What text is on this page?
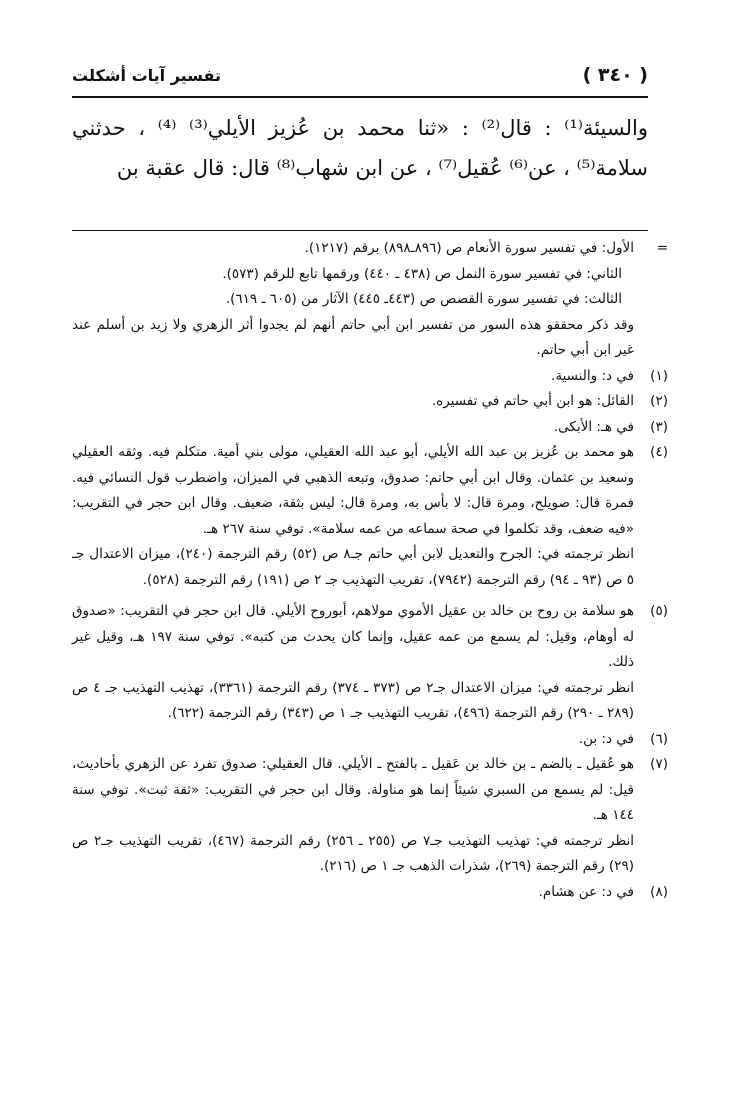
( ٣٤٠ )
تفسير آيات أشكلت

والسيئة⁽¹⁾ : قال⁽²⁾ : «ثنا محمد بن عُزيز الأيلي⁽³⁾ ⁽⁴⁾ ، حدثني سلامة⁽⁵⁾ ، عن⁽⁶⁾ عُقيل⁽⁷⁾ ، عن ابن شهاب⁽⁸⁾ قال: قال عقبة بن

=

الأول: في تفسير سورة الأنعام ص (٨٩٦ـ٨٩٨) برقم (١٢١٧).

الثاني: في تفسير سورة النمل ص (٤٣٨ ـ ٤٤٠) ورقمها تابع للرقم (٥٧٣).

الثالث: في تفسير سورة القصص ص (٤٤٣ـ ٤٤٥) الآثار من (٦٠٥ ـ ٦١٩).

وقد ذكر محققو هذه السور من تفسير ابن أبي حاتم أنهم لم يجدوا أثر الزهري ولا زيد بن أسلم عند غير ابن أبي حاتم.

(١)

في د: والنسية.

(٢)

القائل: هو ابن أبي حاتم في تفسيره.

(٣)

في هـ: الأبكى.

(٤)

هو محمد بن عُزيز بن عبد الله الأيلي، أبو عبد الله العقيلي، مولى بني أمية. متكلم فيه. وثقه العقيلي وسعيد بن عثمان. وقال ابن أبي حاتم: صدوق، وتبعه الذهبي في الميزان، واضطرب قول النسائي فيه. فمرة قال: صويلح، ومرة قال: لا بأس به، ومرة قال: ليس بثقة، ضعيف. وقال ابن حجر في التقريب: «فيه ضعف، وقد تكلموا في صحة سماعه من عمه سلامة». توفي سنة ٢٦٧ هـ.

انظر ترجمته في: الجرح والتعديل لابن أبي حاتم جـ٨ ص (٥٢) رقم الترجمة (٢٤٠)، ميزان الاعتدال جـ ٥ ص (٩٣ ـ ٩٤) رقم الترجمة (٧٩٤٢)، تقريب التهذيب جـ ٢ ص (١٩١) رقم الترجمة (٥٢٨).

(٥)

هو سلامة بن روح بن خالد بن عقيل الأموي مولاهم، أبوروح الأيلي. قال ابن حجر في التقريب: «صدوق له أوهام، وقيل: لم يسمع من عمه عقيل، وإنما كان يحدث من كتبه». توفي سنة ١٩٧ هـ، وقيل غير ذلك.

انظر ترجمته في: ميزان الاعتدال جـ٢ ص (٣٧٣ ـ ٣٧٤) رقم الترجمة (٣٣٦١)، تهذيب التهذيب جـ ٤ ص (٢٨٩ ـ ٢٩٠) رقم الترجمة (٤٩٦)، تقريب التهذيب جـ ١ ص (٣٤٣) رقم الترجمة (٦٢٢).

(٦)

في د: بن.

(٧)

هو عُقيل ـ بالضم ـ بن خالد بن عَقيل ـ بالفتح ـ الأيلي. قال العقيلي: صدوق تفرد عن الزهري بأحاديث، قيل: لم يسمع من السبري شيئاً إنما هو مناولة. وقال ابن حجر في التقريب: «ثقة ثبت». توفي سنة ١٤٤ هـ.

انظر ترجمته في: تهذيب التهذيب جـ٧ ص (٢٥٥ ـ ٢٥٦) رقم الترجمة (٤٦٧)، تقريب التهذيب جـ٢ ص (٢٩) رقم الترجمة (٢٦٩)، شذرات الذهب جـ ١ ص (٢١٦).

(٨)

في د: عن هشام.
